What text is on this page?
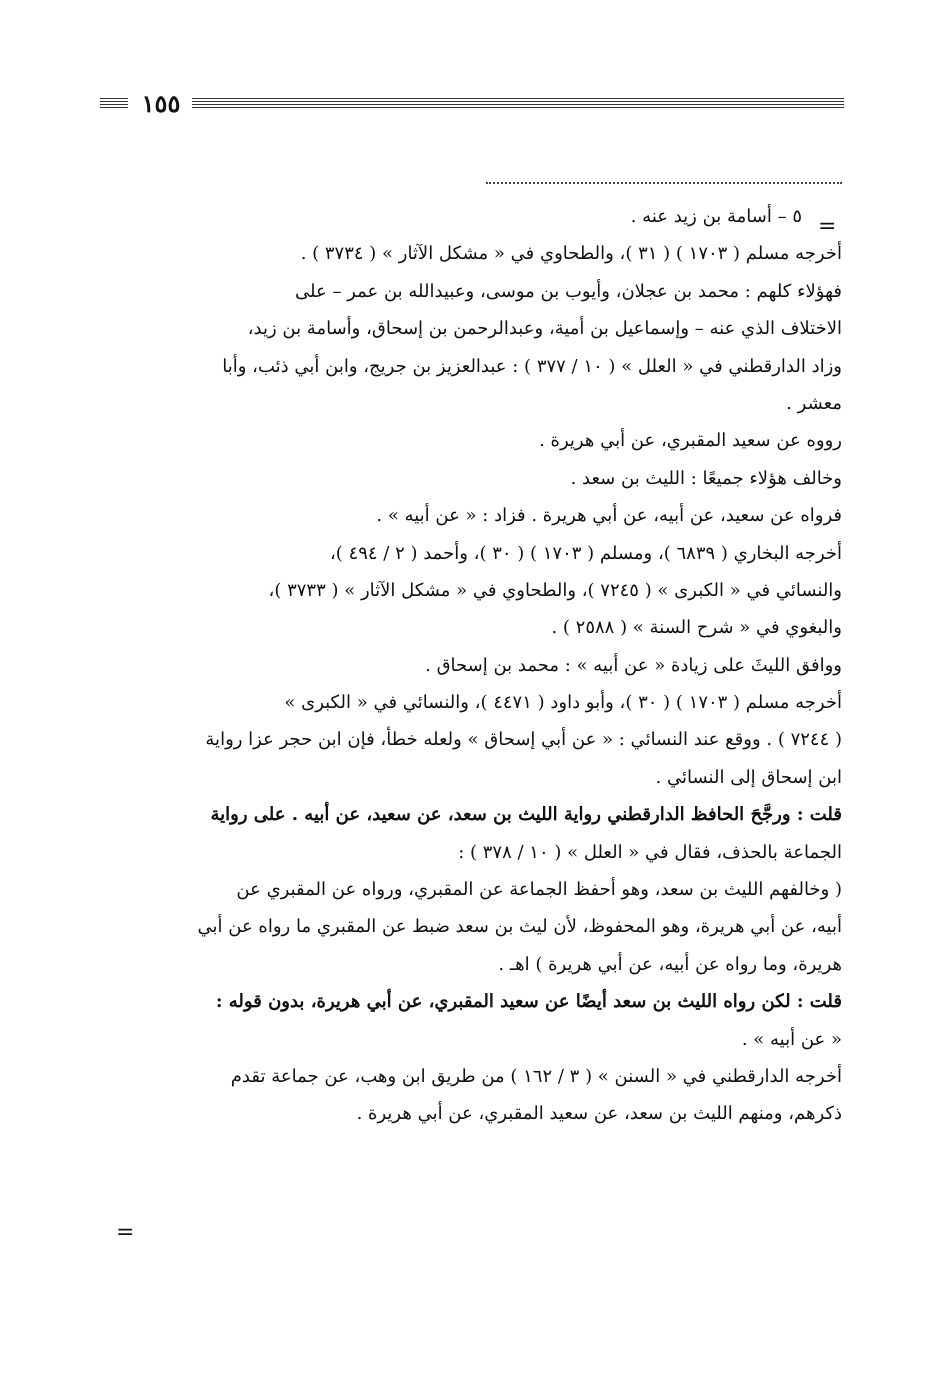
١٥٥
=
٥ – أسامة بن زيد عنه .
أخرجه مسلم ( ١٧٠٣ ) ( ٣١ )، والطحاوي في « مشكل الآثار » ( ٣٧٣٤ ) .
فهؤلاء كلهم : محمد بن عجلان، وأيوب بن موسى، وعبيدالله بن عمر – على
الاختلاف الذي عنه – وإسماعيل بن أمية، وعبدالرحمن بن إسحاق، وأسامة بن زيد،
وزاد الدارقطني في « العلل » ( ١٠ / ٣٧٧ ) : عبدالعزيز بن جريج، وابن أبي ذئب، وأبا
معشر .
رووه عن سعيد المقبري، عن أبي هريرة .
وخالف هؤلاء جميعًا : الليث بن سعد .
فرواه عن سعيد، عن أبيه، عن أبي هريرة . فزاد : « عن أبيه » .
أخرجه البخاري ( ٦٨٣٩ )، ومسلم ( ١٧٠٣ ) ( ٣٠ )، وأحمد ( ٢ / ٤٩٤ )،
والنسائي في « الكبرى » ( ٧٢٤٥ )، والطحاوي في « مشكل الآثار » ( ٣٧٣٣ )،
والبغوي في « شرح السنة » ( ٢٥٨٨ ) .
ووافق الليثَ على زيادة « عن أبيه » : محمد بن إسحاق .
أخرجه مسلم ( ١٧٠٣ ) ( ٣٠ )، وأبو داود ( ٤٤٧١ )، والنسائي في « الكبرى »
( ٧٢٤٤ ) . ووقع عند النسائي : « عن أبي إسحاق » ولعله خطأ، فإن ابن حجر عزا رواية
ابن إسحاق إلى النسائي .
قلت : ورجَّحَ الحافظ الدارقطني رواية الليث بن سعد، عن سعيد، عن أبيه . على رواية
الجماعة بالحذف، فقال في « العلل » ( ١٠ / ٣٧٨ ) :
( وخالفهم الليث بن سعد، وهو أحفظ الجماعة عن المقبري، ورواه عن المقبري عن
أبيه، عن أبي هريرة، وهو المحفوظ، لأن ليث بن سعد ضبط عن المقبري ما رواه عن أبي
هريرة، وما رواه عن أبيه، عن أبي هريرة ) اهـ .
قلت : لكن رواه الليث بن سعد أيضًا عن سعيد المقبري، عن أبي هريرة، بدون قوله :
« عن أبيه » .
أخرجه الدارقطني في « السنن » ( ٣ / ١٦٢ ) من طريق ابن وهب، عن جماعة تقدم
ذكرهم، ومنهم الليث بن سعد، عن سعيد المقبري، عن أبي هريرة .
=
